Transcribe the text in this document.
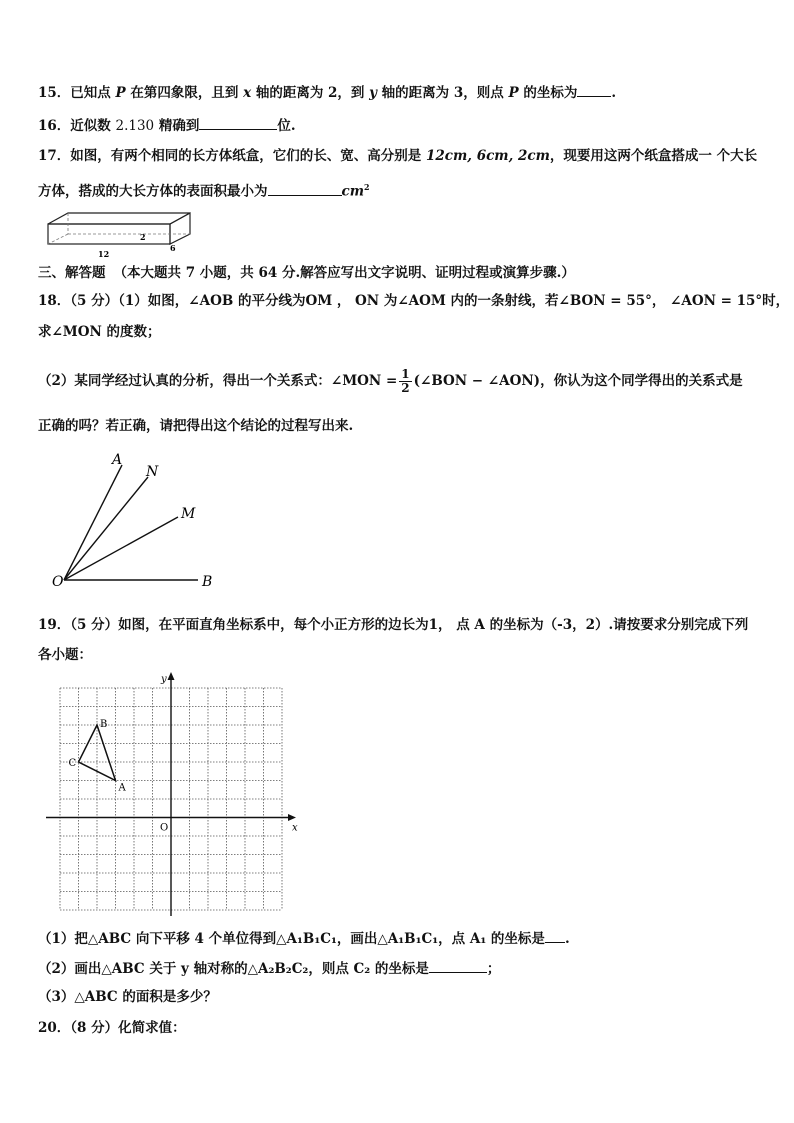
15．已知点 P 在第四象限，且到 x 轴的距离为 2，到 y 轴的距离为 3，则点 P 的坐标为	.
16．近似数 2.130 精确到	位.
17．如图，有两个相同的长方体纸盒，它们的长、宽、高分别是 12cm, 6cm, 2cm，现要用这两个纸盒搭成一 个大长
方体，搭成的大长方体的表面积最小为	$cm^2$
12
2
6
三、解答题 （本大题共 7 小题，共 64 分.解答应写出文字说明、证明过程或演算步骤.）
18．（5 分）（1）如图，∠AOB 的平分线为OM ， ON 为∠AOM 内的一条射线，若∠BON = 55°， ∠AON = 15°时，
求∠MON 的度数；
（2）某同学经过认真的分析，得出一个关系式：∠MON = $\frac{1}{2}$ (∠BON − ∠AON)，你认为这个同学得出的关系式是
正确的吗？若正确，请把得出这个结论的过程写出来.
A
N
M
O	B
19．（5 分）如图，在平面直角坐标系中，每个小正方形的边长为1， 点 A 的坐标为（-3，2）.请按要求分别完成下列
各小题：
x
y
O
A
B
C
（1）把△ABC 向下平移 4 个单位得到△A₁B₁C₁，画出△A₁B₁C₁，点 A₁ 的坐标是 .
（2）画出△ABC 关于 y 轴对称的△A₂B₂C₂，则点 C₂ 的坐标是	；
（3）△ABC 的面积是多少？
20．（8 分）化简求值：
